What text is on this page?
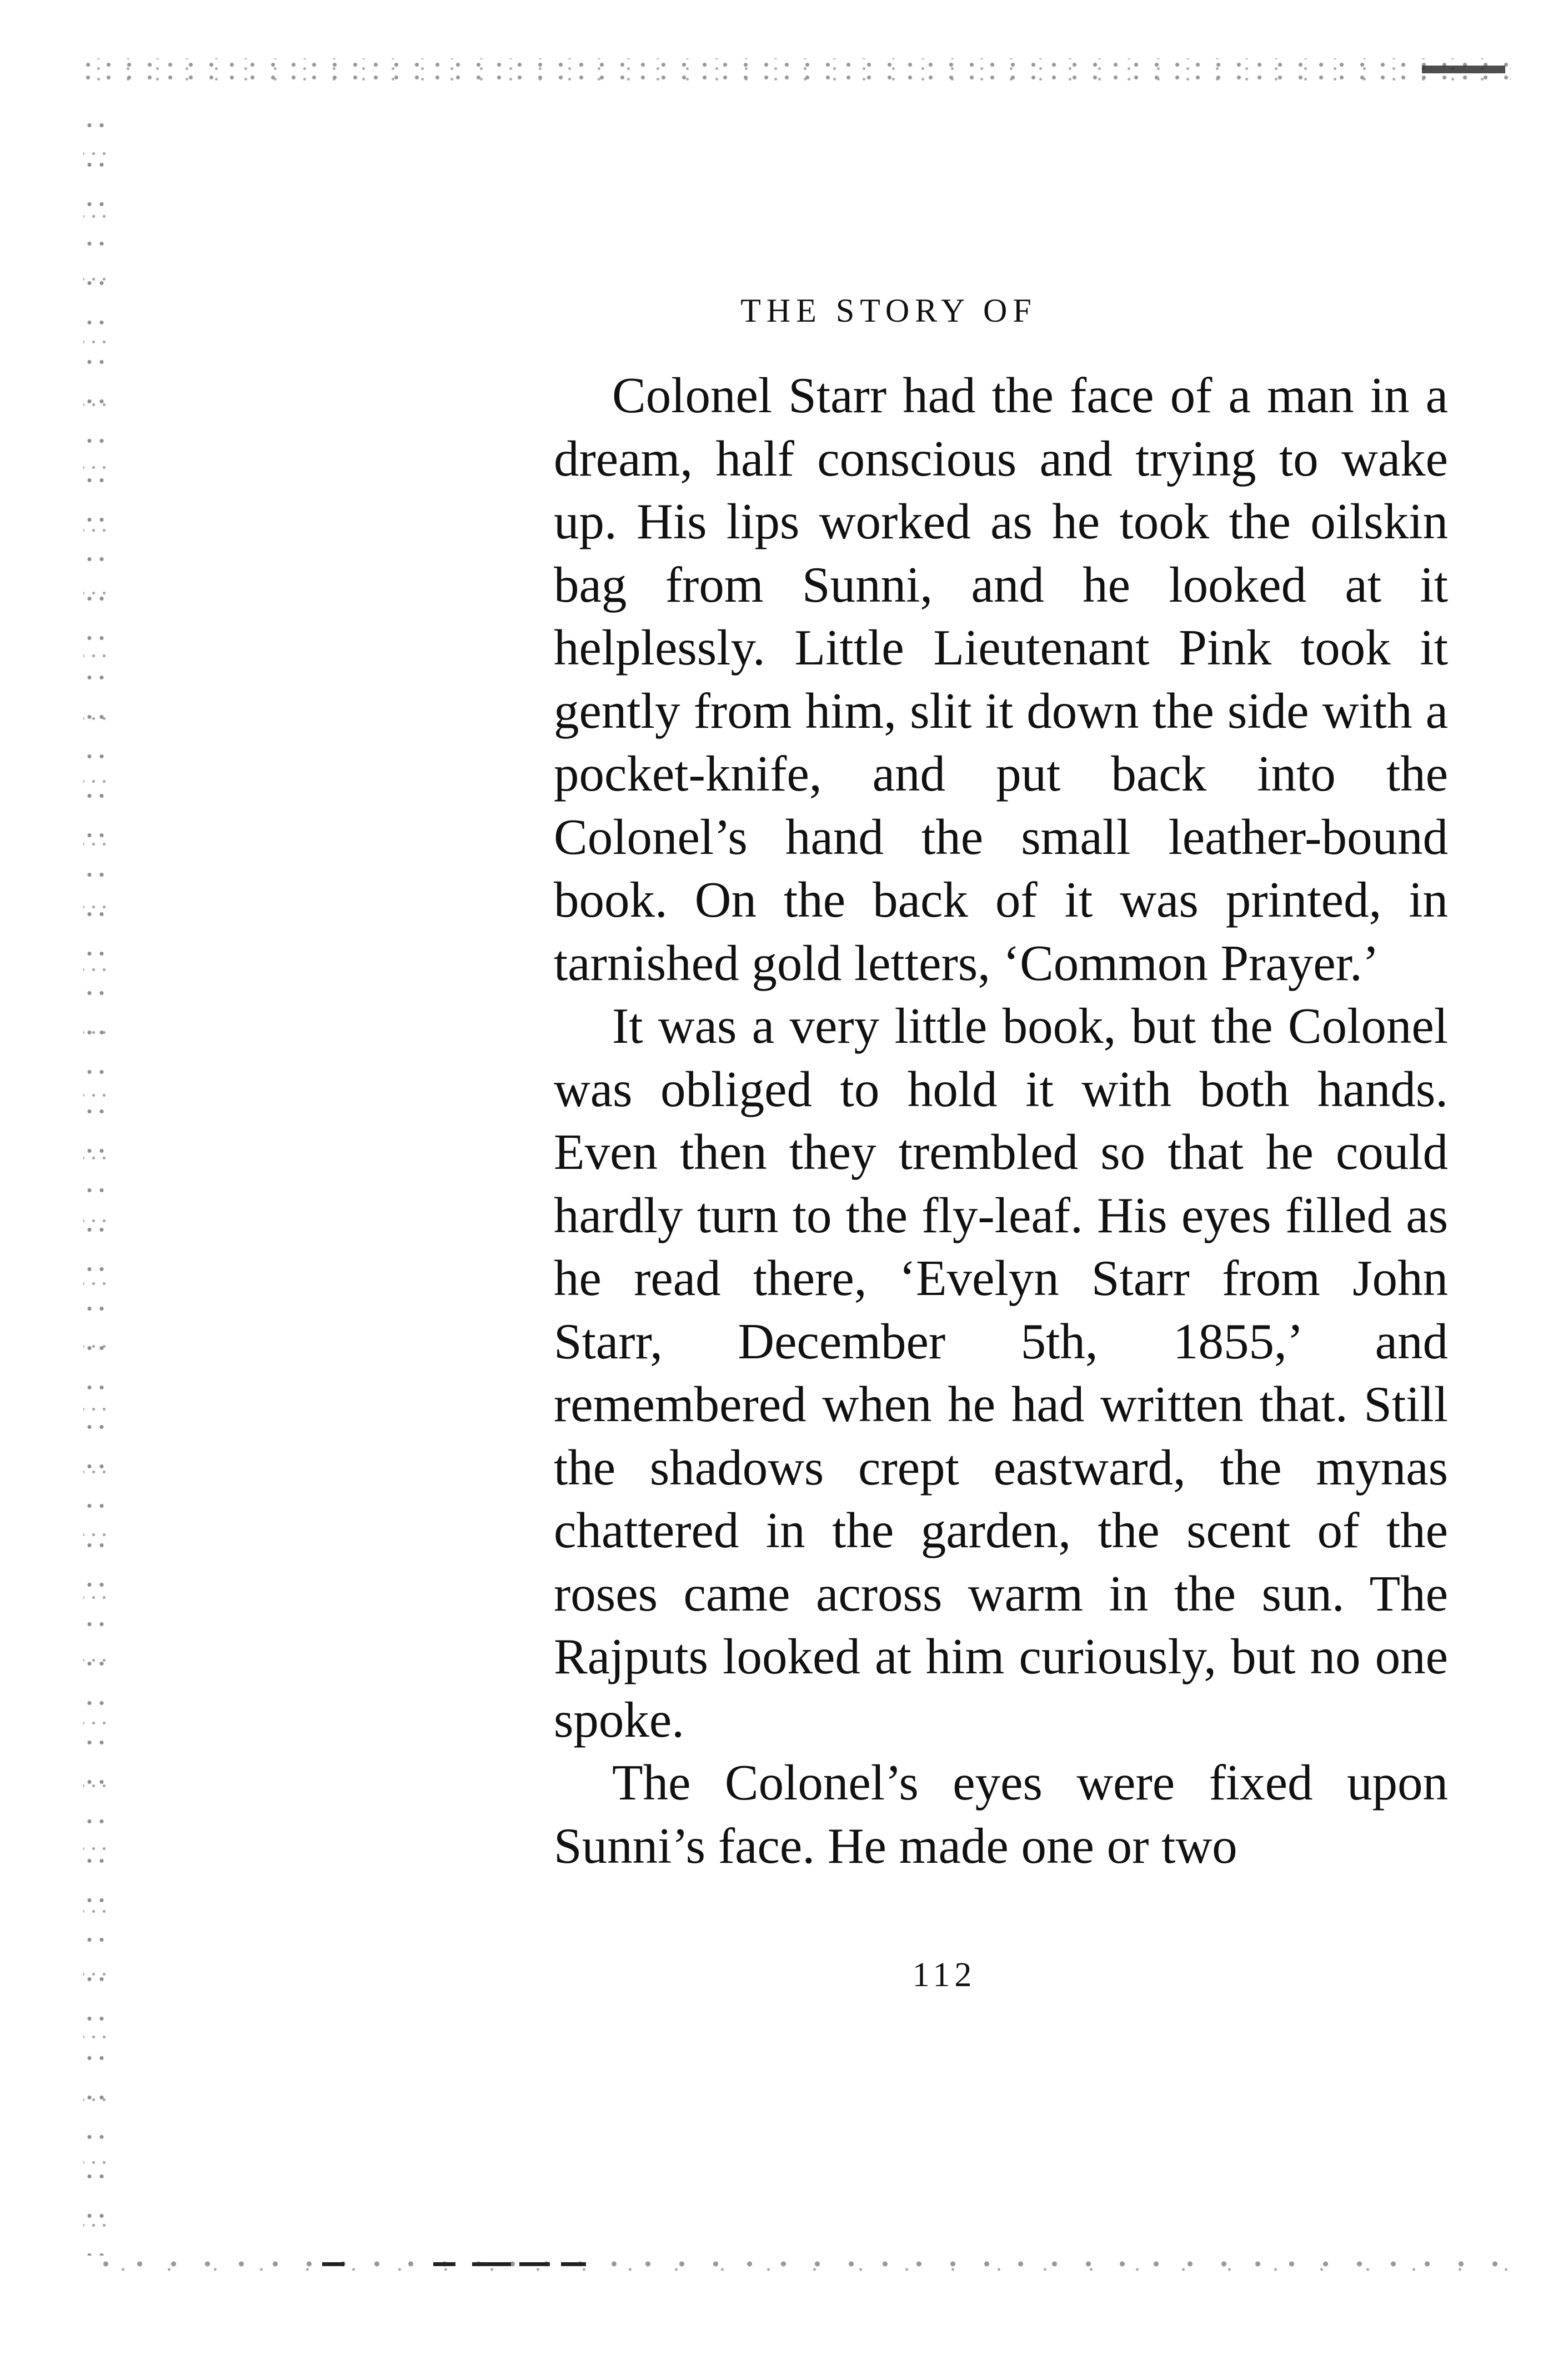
THE STORY OF

Colonel Starr had the face of a man in a dream, half conscious and trying to wake up. His lips worked as he took the oilskin bag from Sunni, and he looked at it helplessly. Little Lieutenant Pink took it gently from him, slit it down the side with a pocket-knife, and put back into the Colonel’s hand the small leather-bound book. On the back of it was printed, in tarnished gold letters, ‘Common Prayer.’

It was a very little book, but the Colonel was obliged to hold it with both hands. Even then they trembled so that he could hardly turn to the fly-leaf. His eyes filled as he read there, ‘Evelyn Starr from John Starr, December 5th, 1855,’ and remembered when he had written that. Still the shadows crept eastward, the mynas chattered in the garden, the scent of the roses came across warm in the sun. The Rajputs looked at him curiously, but no one spoke.

The Colonel’s eyes were fixed upon Sunni’s face. He made one or two

112
